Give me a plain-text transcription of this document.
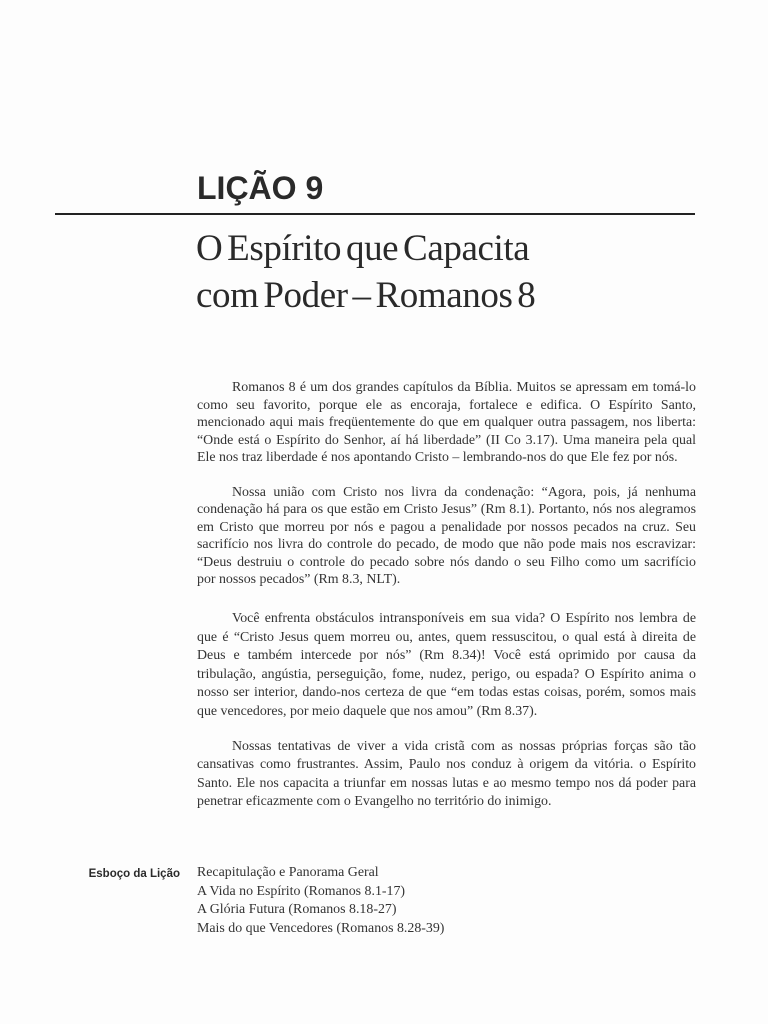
LIÇÃO 9
O Espírito que Capacita
com Poder – Romanos 8

Romanos 8 é um dos grandes capítulos da Bíblia. Muitos se apressam em tomá-lo
como seu favorito, porque ele as encoraja, fortalece e edifica. O Espírito Santo,
mencionado aqui mais freqüentemente do que em qualquer outra passagem, nos liberta:
“Onde está o Espírito do Senhor, aí há liberdade” (II Co 3.17). Uma maneira pela qual
Ele nos traz liberdade é nos apontando Cristo – lembrando-nos do que Ele fez por nós.

Nossa união com Cristo nos livra da condenação: “Agora, pois, já nenhuma
condenação há para os que estão em Cristo Jesus” (Rm 8.1). Portanto, nós nos alegramos
em Cristo que morreu por nós e pagou a penalidade por nossos pecados na cruz. Seu
sacrifício nos livra do controle do pecado, de modo que não pode mais nos escravizar:
“Deus destruiu o controle do pecado sobre nós dando o seu Filho como um sacrifício
por nossos pecados” (Rm 8.3, NLT).

Você enfrenta obstáculos intransponíveis em sua vida? O Espírito nos lembra de
que é “Cristo Jesus quem morreu ou, antes, quem ressuscitou, o qual está à direita de
Deus e também intercede por nós” (Rm 8.34)! Você está oprimido por causa da
tribulação, angústia, perseguição, fome, nudez, perigo, ou espada? O Espírito anima o
nosso ser interior, dando-nos certeza de que “em todas estas coisas, porém, somos mais
que vencedores, por meio daquele que nos amou” (Rm 8.37).

Nossas tentativas de viver a vida cristã com as nossas próprias forças são tão
cansativas como frustrantes. Assim, Paulo nos conduz à origem da vitória. o Espírito
Santo. Ele nos capacita a triunfar em nossas lutas e ao mesmo tempo nos dá poder para
penetrar eficazmente com o Evangelho no território do inimigo.

Esboço da Lição Recapitulação e Panorama Geral
A Vida no Espírito (Romanos 8.1-17)
A Glória Futura (Romanos 8.18-27)
Mais do que Vencedores (Romanos 8.28-39)
